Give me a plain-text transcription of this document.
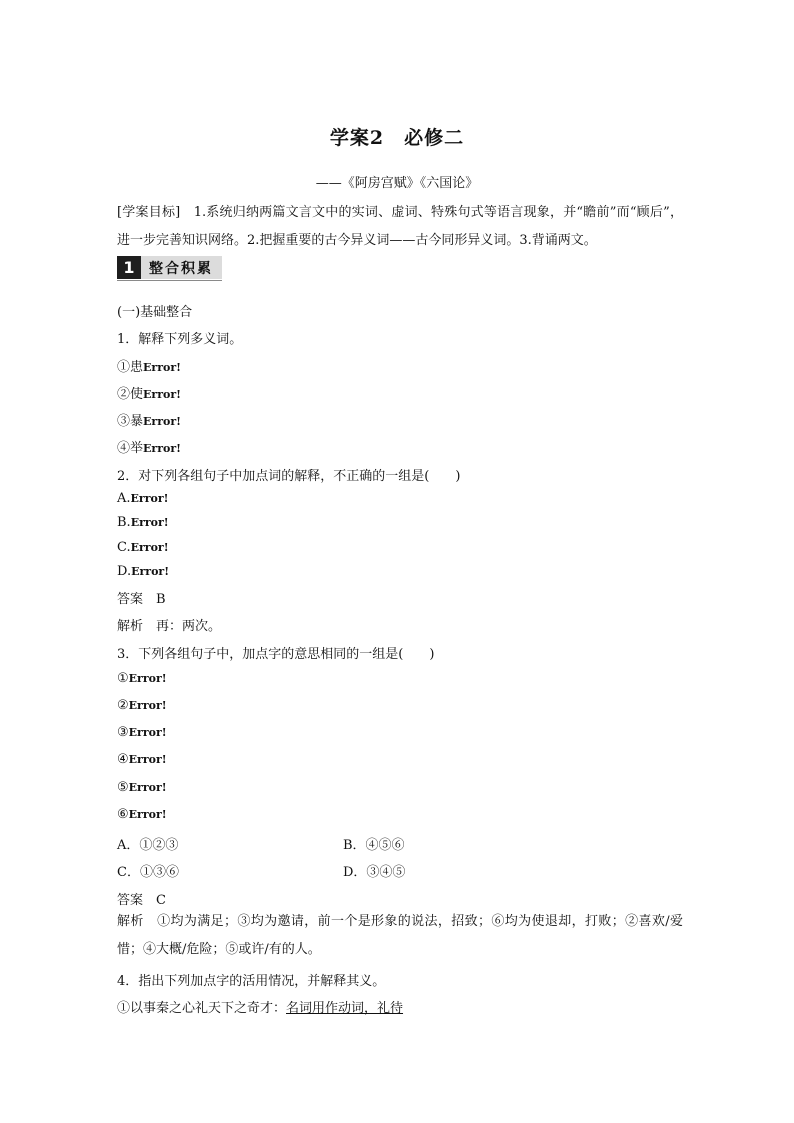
学案2　必修二
——《阿房宫赋》《六国论》
[学案目标]　1.系统归纳两篇文言文中的实词、虚词、特殊句式等语言现象，并“瞻前”而“顾后”，进一步完善知识网络。2.把握重要的古今异义词——古今同形异义词。3.背诵两文。
1	整合积累
(一)基础整合
1．解释下列多义词。
①患Error!
②使Error!
③暴Error!
④举Error!
2．对下列各组句子中加点词的解释，不正确的一组是(　　)
A.Error!
B.Error!
C.Error!
D.Error!
答案　B
解析　再：两次。
3．下列各组句子中，加点字的意思相同的一组是(　　)
①Error!
②Error!
③Error!
④Error!
⑤Error!
⑥Error!
A．①②③	B．④⑤⑥
C．①③⑥	D．③④⑤
答案　C
解析　①均为满足；③均为邀请，前一个是形象的说法，招致；⑥均为使退却，打败；②喜欢/爱惜；④大概/危险；⑤或许/有的人。
4．指出下列加点字的活用情况，并解释其义。
①以事秦之心礼天下之奇才：名词用作动词，礼待
